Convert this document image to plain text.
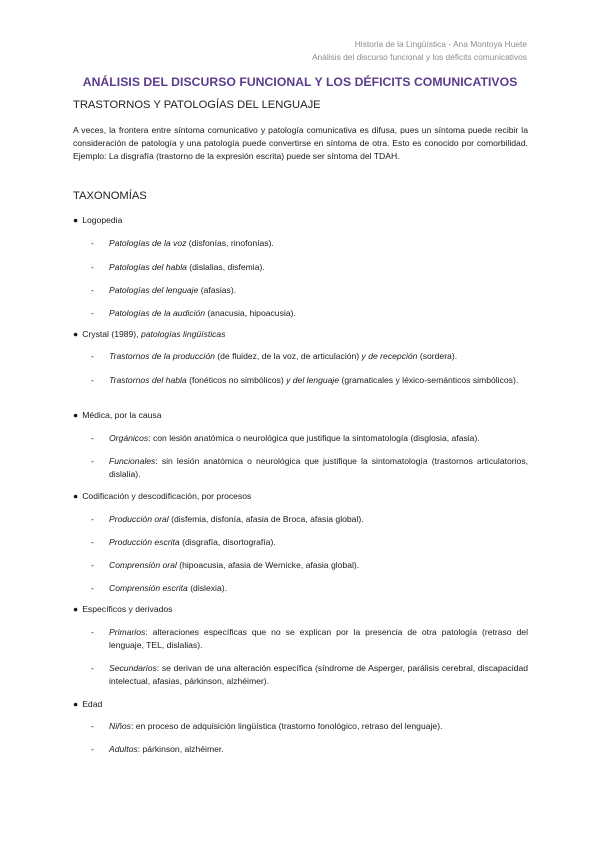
Historia de la Lingüística - Ana Montoya Huete
Análisis del discurso funcional y los déficits comunicativos
ANÁLISIS DEL DISCURSO FUNCIONAL Y LOS DÉFICITS COMUNICATIVOS
TRASTORNOS Y PATOLOGÍAS DEL LENGUAJE
A veces, la frontera entre síntoma comunicativo y patología comunicativa es difusa, pues un síntoma puede recibir la consideración de patología y una patología puede convertirse en síntoma de otra. Esto es conocido por comorbilidad. Ejemplo: La disgrafía (trastorno de la expresión escrita) puede ser síntoma del TDAH.
TAXONOMÍAS
● Logopedia
- Patologías de la voz (disfonías, rinofonías).
- Patologías del habla (dislalias, disfemia).
- Patologías del lenguaje (afasias).
- Patologías de la audición (anacusia, hipoacusia).
● Crystal (1989), patologías lingüísticas
- Trastornos de la producción (de fluidez, de la voz, de articulación) y de recepción (sordera).
- Trastornos del habla (fonéticos no simbólicos) y del lenguaje (gramaticales y léxico-semánticos simbólicos).
● Médica, por la causa
- Orgánicos: con lesión anatómica o neurológica que justifique la sintomatología (disglosia, afasia).
- Funcionales: sin lesión anatómica o neurológica que justifique la sintomatología (trastornos articulatorios, dislalia).
● Codificación y descodificación, por procesos
- Producción oral (disfemia, disfonía, afasia de Broca, afasia global).
- Producción escrita (disgrafía, disortografía).
- Comprensión oral (hipoacusia, afasia de Wernicke, afasia global).
- Comprensión escrita (dislexia).
● Específicos y derivados
- Primarios: alteraciones específicas que no se explican por la presencia de otra patología (retraso del lenguaje, TEL, dislalias).
- Secundarios: se derivan de una alteración específica (síndrome de Asperger, parálisis cerebral, discapacidad intelectual, afasias, párkinson, alzhéimer).
● Edad
- Niños: en proceso de adquisición lingüística (trastorno fonológico, retraso del lenguaje).
- Adultos: párkinson, alzhéimer.
